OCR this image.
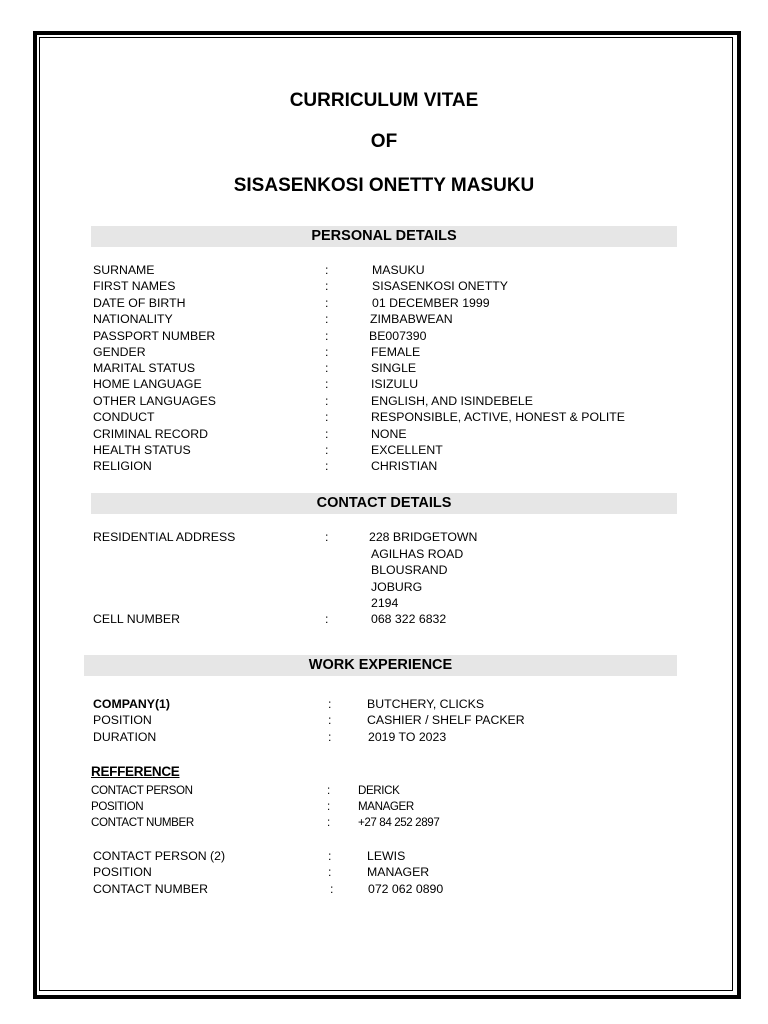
CURRICULUM VITAE
OF
SISASENKOSI ONETTY MASUKU
PERSONAL DETAILS
SURNAME	:	MASUKU
FIRST NAMES	:	SISASENKOSI ONETTY
DATE OF BIRTH	:	01 DECEMBER 1999
NATIONALITY	:	ZIMBABWEAN
PASSPORT NUMBER	:	BE007390
GENDER	:	FEMALE
MARITAL STATUS	:	SINGLE
HOME LANGUAGE	:	ISIZULU
OTHER LANGUAGES	:	ENGLISH, AND ISINDEBELE
CONDUCT	:	RESPONSIBLE, ACTIVE, HONEST & POLITE
CRIMINAL RECORD	:	NONE
HEALTH STATUS	:	EXCELLENT
RELIGION	:	CHRISTIAN
CONTACT DETAILS
RESIDENTIAL ADDRESS	:	228 BRIDGETOWN
AGILHAS ROAD
BLOUSRAND
JOBURG
2194
CELL NUMBER	:	068 322 6832
WORK EXPERIENCE
COMPANY(1)	:	BUTCHERY, CLICKS
POSITION	:	CASHIER / SHELF PACKER
DURATION	:	2019 TO 2023
REFFERENCE
CONTACT PERSON	: DERICK
POSITION	: MANAGER
CONTACT NUMBER	: +27 84 252 2897
CONTACT PERSON (2)	:	LEWIS
POSITION	:	MANAGER
CONTACT NUMBER	:	072 062 0890
